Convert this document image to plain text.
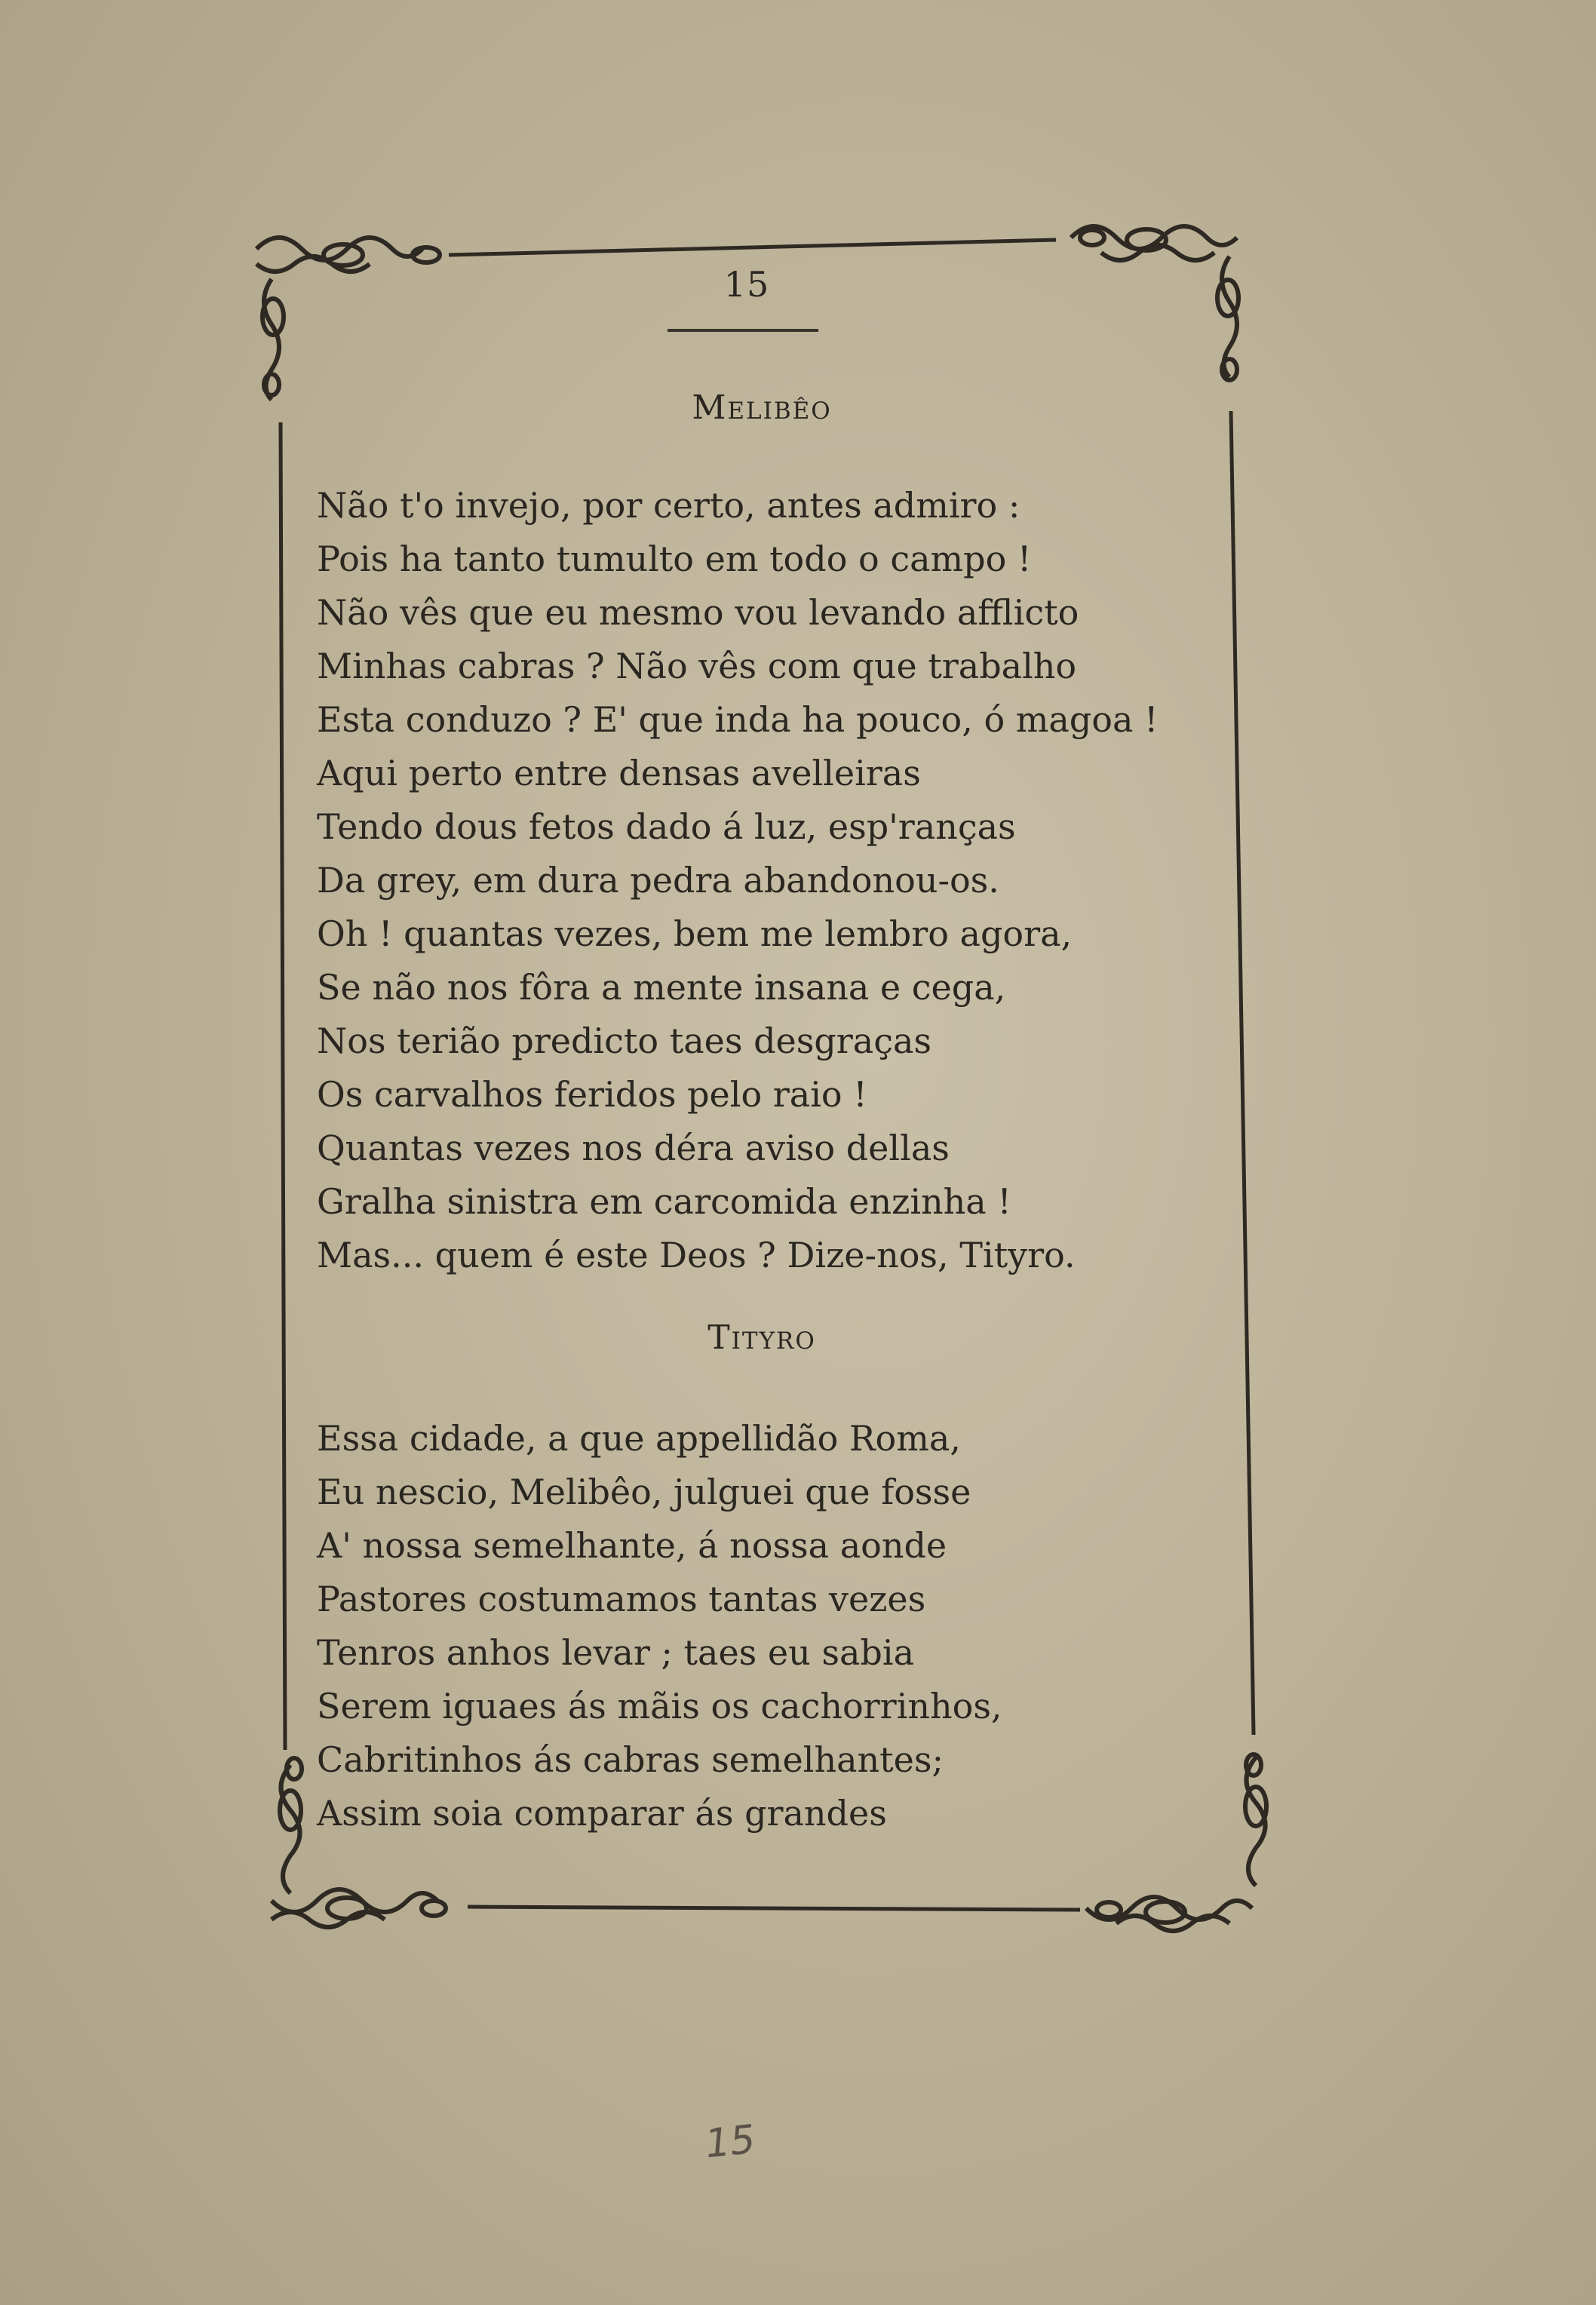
15
Melibêo
Não t'o invejo, por certo, antes admiro :
Pois ha tanto tumulto em todo o campo !
Não vês que eu mesmo vou levando afflicto
Minhas cabras ? Não vês com que trabalho
Esta conduzo ? E' que inda ha pouco, ó magoa !
Aqui perto entre densas avelleiras
Tendo dous fetos dado á luz, esp'ranças
Da grey, em dura pedra abandonou-os.
Oh ! quantas vezes, bem me lembro agora,
Se não nos fôra a mente insana e cega,
Nos terião predicto taes desgraças
Os carvalhos feridos pelo raio !
Quantas vezes nos déra aviso dellas
Gralha sinistra em carcomida enzinha !
Mas... quem é este Deos ? Dize-nos, Tityro.
Tityro
Essa cidade, a que appellidão Roma,
Eu nescio, Melibêo, julguei que fosse
A' nossa semelhante, á nossa aonde
Pastores costumamos tantas vezes
Tenros anhos levar ; taes eu sabia
Serem iguaes ás mãis os cachorrinhos,
Cabritinhos ás cabras semelhantes;
Assim soia comparar ás grandes
15
